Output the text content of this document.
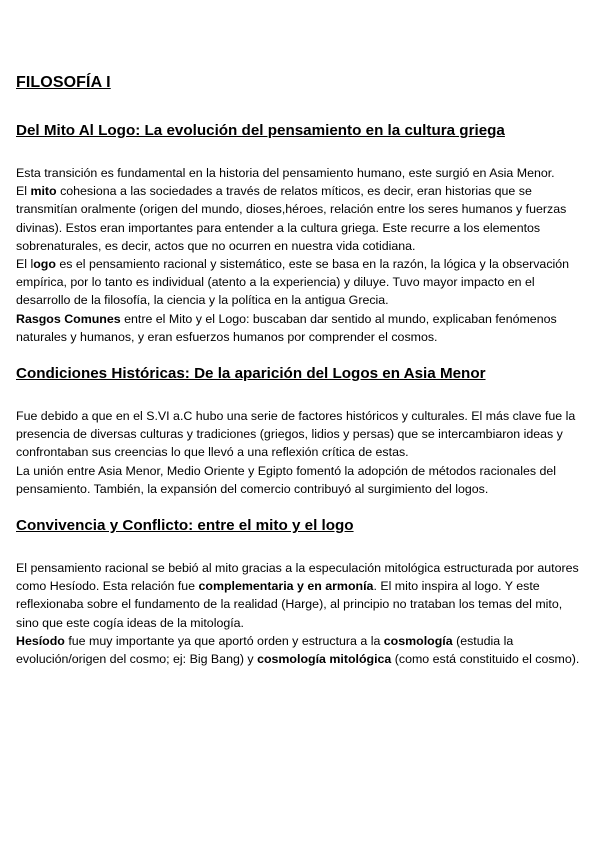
FILOSOFÍA I
Del Mito Al Logo: La evolución del pensamiento en la cultura griega

Esta transición es fundamental en la historia del pensamiento humano, este surgió en Asia Menor.

El mito cohesiona a las sociedades a través de relatos míticos, es decir, eran historias que se transmitían oralmente (origen del mundo, dioses,héroes, relación entre los seres humanos y fuerzas divinas). Estos eran importantes para entender a la cultura griega. Este recurre a los elementos sobrenaturales, es decir, actos que no ocurren en nuestra vida cotidiana.

El logo es el pensamiento racional y sistemático, este se basa en la razón, la lógica y la observación empírica, por lo tanto es individual (atento a la experiencia) y diluye. Tuvo mayor impacto en el desarrollo de la filosofía, la ciencia y la política en la antigua Grecia.

Rasgos Comunes entre el Mito y el Logo: buscaban dar sentido al mundo, explicaban fenómenos naturales y humanos, y eran esfuerzos humanos por comprender el cosmos.

Condiciones Históricas: De la aparición del Logos en Asia Menor

Fue debido a que en el S.VI a.C hubo una serie de factores históricos y culturales. El más clave fue la presencia de diversas culturas y tradiciones (griegos, lidios y persas) que se intercambiaron ideas y confrontaban sus creencias lo que llevó a una reflexión crítica de estas.

La unión entre Asia Menor, Medio Oriente y Egipto fomentó la adopción de métodos racionales del pensamiento. También, la expansión del comercio contribuyó al surgimiento del logos.

Convivencia y Conflicto: entre el mito y el logo

El pensamiento racional se bebió al mito gracias a la especulación mitológica estructurada por autores como Hesíodo. Esta relación fue complementaria y en armonía. El mito inspira al logo. Y este reflexionaba sobre el fundamento de la realidad (Harge), al principio no trataban los temas del mito, sino que este cogía ideas de la mitología.

Hesíodo fue muy importante ya que aportó orden y estructura a la cosmología (estudia la evolución/origen del cosmo; ej: Big Bang) y cosmología mitológica (como está constituido el cosmo).
